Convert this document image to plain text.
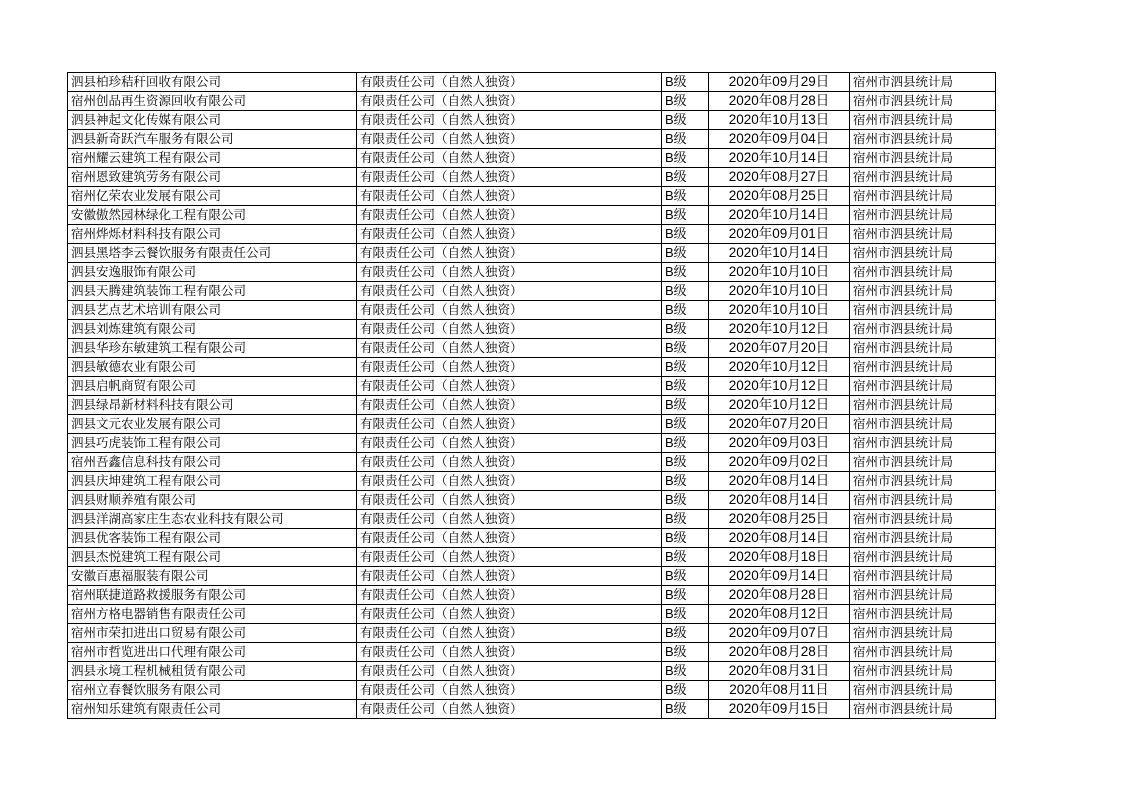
泗县柏珍秸秆回收有限公司	有限责任公司（自然人独资）	B级	2020年09月29日	宿州市泗县统计局
宿州创品再生资源回收有限公司	有限责任公司（自然人独资）	B级	2020年08月28日	宿州市泗县统计局
泗县神起文化传媒有限公司	有限责任公司（自然人独资）	B级	2020年10月13日	宿州市泗县统计局
泗县新奇跃汽车服务有限公司	有限责任公司（自然人独资）	B级	2020年09月04日	宿州市泗县统计局
宿州耀云建筑工程有限公司	有限责任公司（自然人独资）	B级	2020年10月14日	宿州市泗县统计局
宿州恩致建筑劳务有限公司	有限责任公司（自然人独资）	B级	2020年08月27日	宿州市泗县统计局
宿州亿荣农业发展有限公司	有限责任公司（自然人独资）	B级	2020年08月25日	宿州市泗县统计局
安徽傲然园林绿化工程有限公司	有限责任公司（自然人独资）	B级	2020年10月14日	宿州市泗县统计局
宿州烨烁材料科技有限公司	有限责任公司（自然人独资）	B级	2020年09月01日	宿州市泗县统计局
泗县黑塔李云餐饮服务有限责任公司	有限责任公司（自然人独资）	B级	2020年10月14日	宿州市泗县统计局
泗县安逸服饰有限公司	有限责任公司（自然人独资）	B级	2020年10月10日	宿州市泗县统计局
泗县天腾建筑装饰工程有限公司	有限责任公司（自然人独资）	B级	2020年10月10日	宿州市泗县统计局
泗县艺点艺术培训有限公司	有限责任公司（自然人独资）	B级	2020年10月10日	宿州市泗县统计局
泗县刘炼建筑有限公司	有限责任公司（自然人独资）	B级	2020年10月12日	宿州市泗县统计局
泗县华珍东敏建筑工程有限公司	有限责任公司（自然人独资）	B级	2020年07月20日	宿州市泗县统计局
泗县敏德农业有限公司	有限责任公司（自然人独资）	B级	2020年10月12日	宿州市泗县统计局
泗县启帆商贸有限公司	有限责任公司（自然人独资）	B级	2020年10月12日	宿州市泗县统计局
泗县绿昂新材料科技有限公司	有限责任公司（自然人独资）	B级	2020年10月12日	宿州市泗县统计局
泗县文元农业发展有限公司	有限责任公司（自然人独资）	B级	2020年07月20日	宿州市泗县统计局
泗县巧虎装饰工程有限公司	有限责任公司（自然人独资）	B级	2020年09月03日	宿州市泗县统计局
宿州吾鑫信息科技有限公司	有限责任公司（自然人独资）	B级	2020年09月02日	宿州市泗县统计局
泗县庆坤建筑工程有限公司	有限责任公司（自然人独资）	B级	2020年08月14日	宿州市泗县统计局
泗县财顺养殖有限公司	有限责任公司（自然人独资）	B级	2020年08月14日	宿州市泗县统计局
泗县洋湖高家庄生态农业科技有限公司	有限责任公司（自然人独资）	B级	2020年08月25日	宿州市泗县统计局
泗县优客装饰工程有限公司	有限责任公司（自然人独资）	B级	2020年08月14日	宿州市泗县统计局
泗县杰悦建筑工程有限公司	有限责任公司（自然人独资）	B级	2020年08月18日	宿州市泗县统计局
安徽百惠福服装有限公司	有限责任公司（自然人独资）	B级	2020年09月14日	宿州市泗县统计局
宿州联捷道路救援服务有限公司	有限责任公司（自然人独资）	B级	2020年08月28日	宿州市泗县统计局
宿州方格电器销售有限责任公司	有限责任公司（自然人独资）	B级	2020年08月12日	宿州市泗县统计局
宿州市荣扣进出口贸易有限公司	有限责任公司（自然人独资）	B级	2020年09月07日	宿州市泗县统计局
宿州市哲览进出口代理有限公司	有限责任公司（自然人独资）	B级	2020年08月28日	宿州市泗县统计局
泗县永境工程机械租赁有限公司	有限责任公司（自然人独资）	B级	2020年08月31日	宿州市泗县统计局
宿州立春餐饮服务有限公司	有限责任公司（自然人独资）	B级	2020年08月11日	宿州市泗县统计局
宿州知乐建筑有限责任公司	有限责任公司（自然人独资）	B级	2020年09月15日	宿州市泗县统计局
